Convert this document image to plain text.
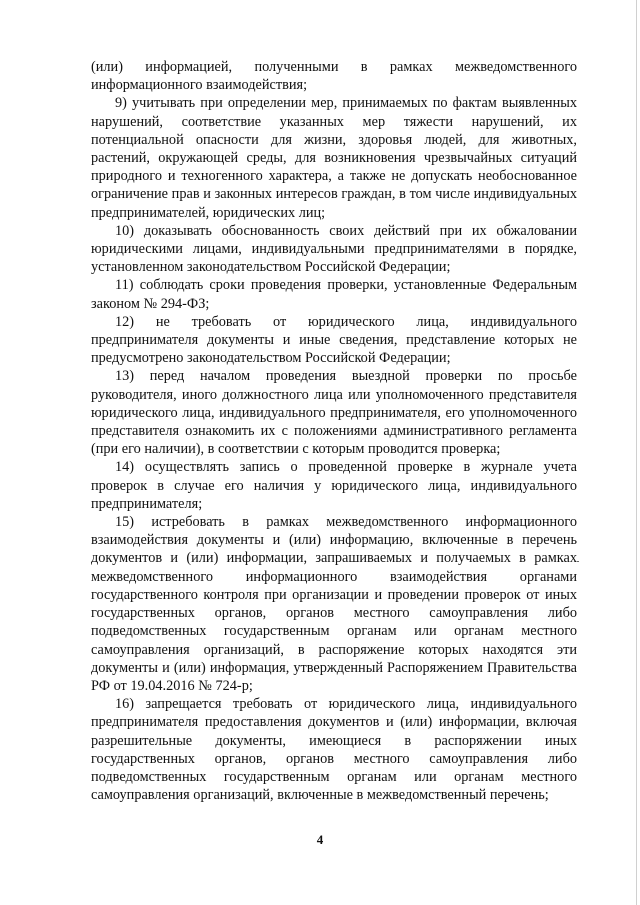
(или) информацией, полученными в рамках межведомственного информационного взаимодействия;

9) учитывать при определении мер, принимаемых по фактам выявленных нарушений, соответствие указанных мер тяжести нарушений, их потенциальной опасности для жизни, здоровья людей, для животных, растений, окружающей среды, для возникновения чрезвычайных ситуаций природного и техногенного характера, а также не допускать необоснованное ограничение прав и законных интересов граждан, в том числе индивидуальных предпринимателей, юридических лиц;

10) доказывать обоснованность своих действий при их обжаловании юридическими лицами, индивидуальными предпринимателями в порядке, установленном законодательством Российской Федерации;

11) соблюдать сроки проведения проверки, установленные Федеральным законом № 294-ФЗ;

12) не требовать от юридического лица, индивидуального предпринимателя документы и иные сведения, представление которых не предусмотрено законодательством Российской Федерации;

13) перед началом проведения выездной проверки по просьбе руководителя, иного должностного лица или уполномоченного представителя юридического лица, индивидуального предпринимателя, его уполномоченного представителя ознакомить их с положениями административного регламента (при его наличии), в соответствии с которым проводится проверка;

14) осуществлять запись о проведенной проверке в журнале учета проверок в случае его наличия у юридического лица, индивидуального предпринимателя;

15) истребовать в рамках межведомственного информационного взаимодействия документы и (или) информацию, включенные в перечень документов и (или) информации, запрашиваемых и получаемых в рамках межведомственного информационного взаимодействия органами государственного контроля при организации и проведении проверок от иных государственных органов, органов местного самоуправления либо подведомственных государственным органам или органам местного самоуправления организаций, в распоряжение которых находятся эти документы и (или) информация, утвержденный Распоряжением Правительства РФ от 19.04.2016 № 724-р;

16) запрещается требовать от юридического лица, индивидуального предпринимателя предоставления документов и (или) информации, включая разрешительные документы, имеющиеся в распоряжении иных государственных органов, органов местного самоуправления либо подведомственных государственным органам или органам местного самоуправления организаций, включенные в межведомственный перечень;

4
